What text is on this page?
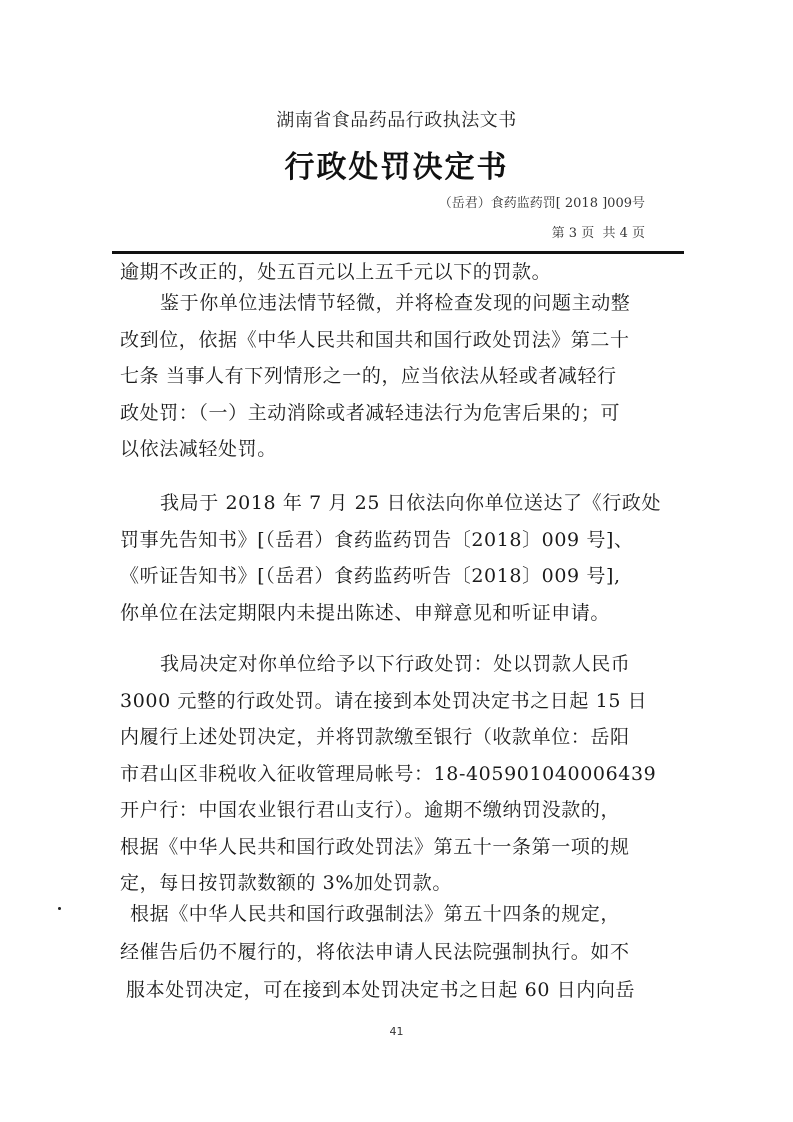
湖南省食品药品行政执法文书
行政处罚决定书
（岳君）食药监药罚[ 2018 ]009号
第 3 页  共 4 页
逾期不改正的，处五百元以上五千元以下的罚款。
鉴于你单位违法情节轻微，并将检查发现的问题主动整
改到位，依据《中华人民共和国共和国行政处罚法》第二十
七条 当事人有下列情形之一的，应当依法从轻或者减轻行
政处罚：（一）主动消除或者减轻违法行为危害后果的；可
以依法减轻处罚。
我局于 2018 年 7 月 25 日依法向你单位送达了《行政处
罚事先告知书》[（岳君）食药监药罚告〔2018〕009 号]、
《听证告知书》[（岳君）食药监药听告〔2018〕009 号],
你单位在法定期限内未提出陈述、申辩意见和听证申请。
我局决定对你单位给予以下行政处罚：处以罚款人民币
3000 元整的行政处罚。请在接到本处罚决定书之日起 15 日
内履行上述处罚决定，并将罚款缴至银行（收款单位：岳阳
市君山区非税收入征收管理局帐号：18-405901040006439
开户行：中国农业银行君山支行）。逾期不缴纳罚没款的，
根据《中华人民共和国行政处罚法》第五十一条第一项的规
定，每日按罚款数额的 3%加处罚款。
根据《中华人民共和国行政强制法》第五十四条的规定，
经催告后仍不履行的，将依法申请人民法院强制执行。如不
服本处罚决定，可在接到本处罚决定书之日起 60 日内向岳
41
